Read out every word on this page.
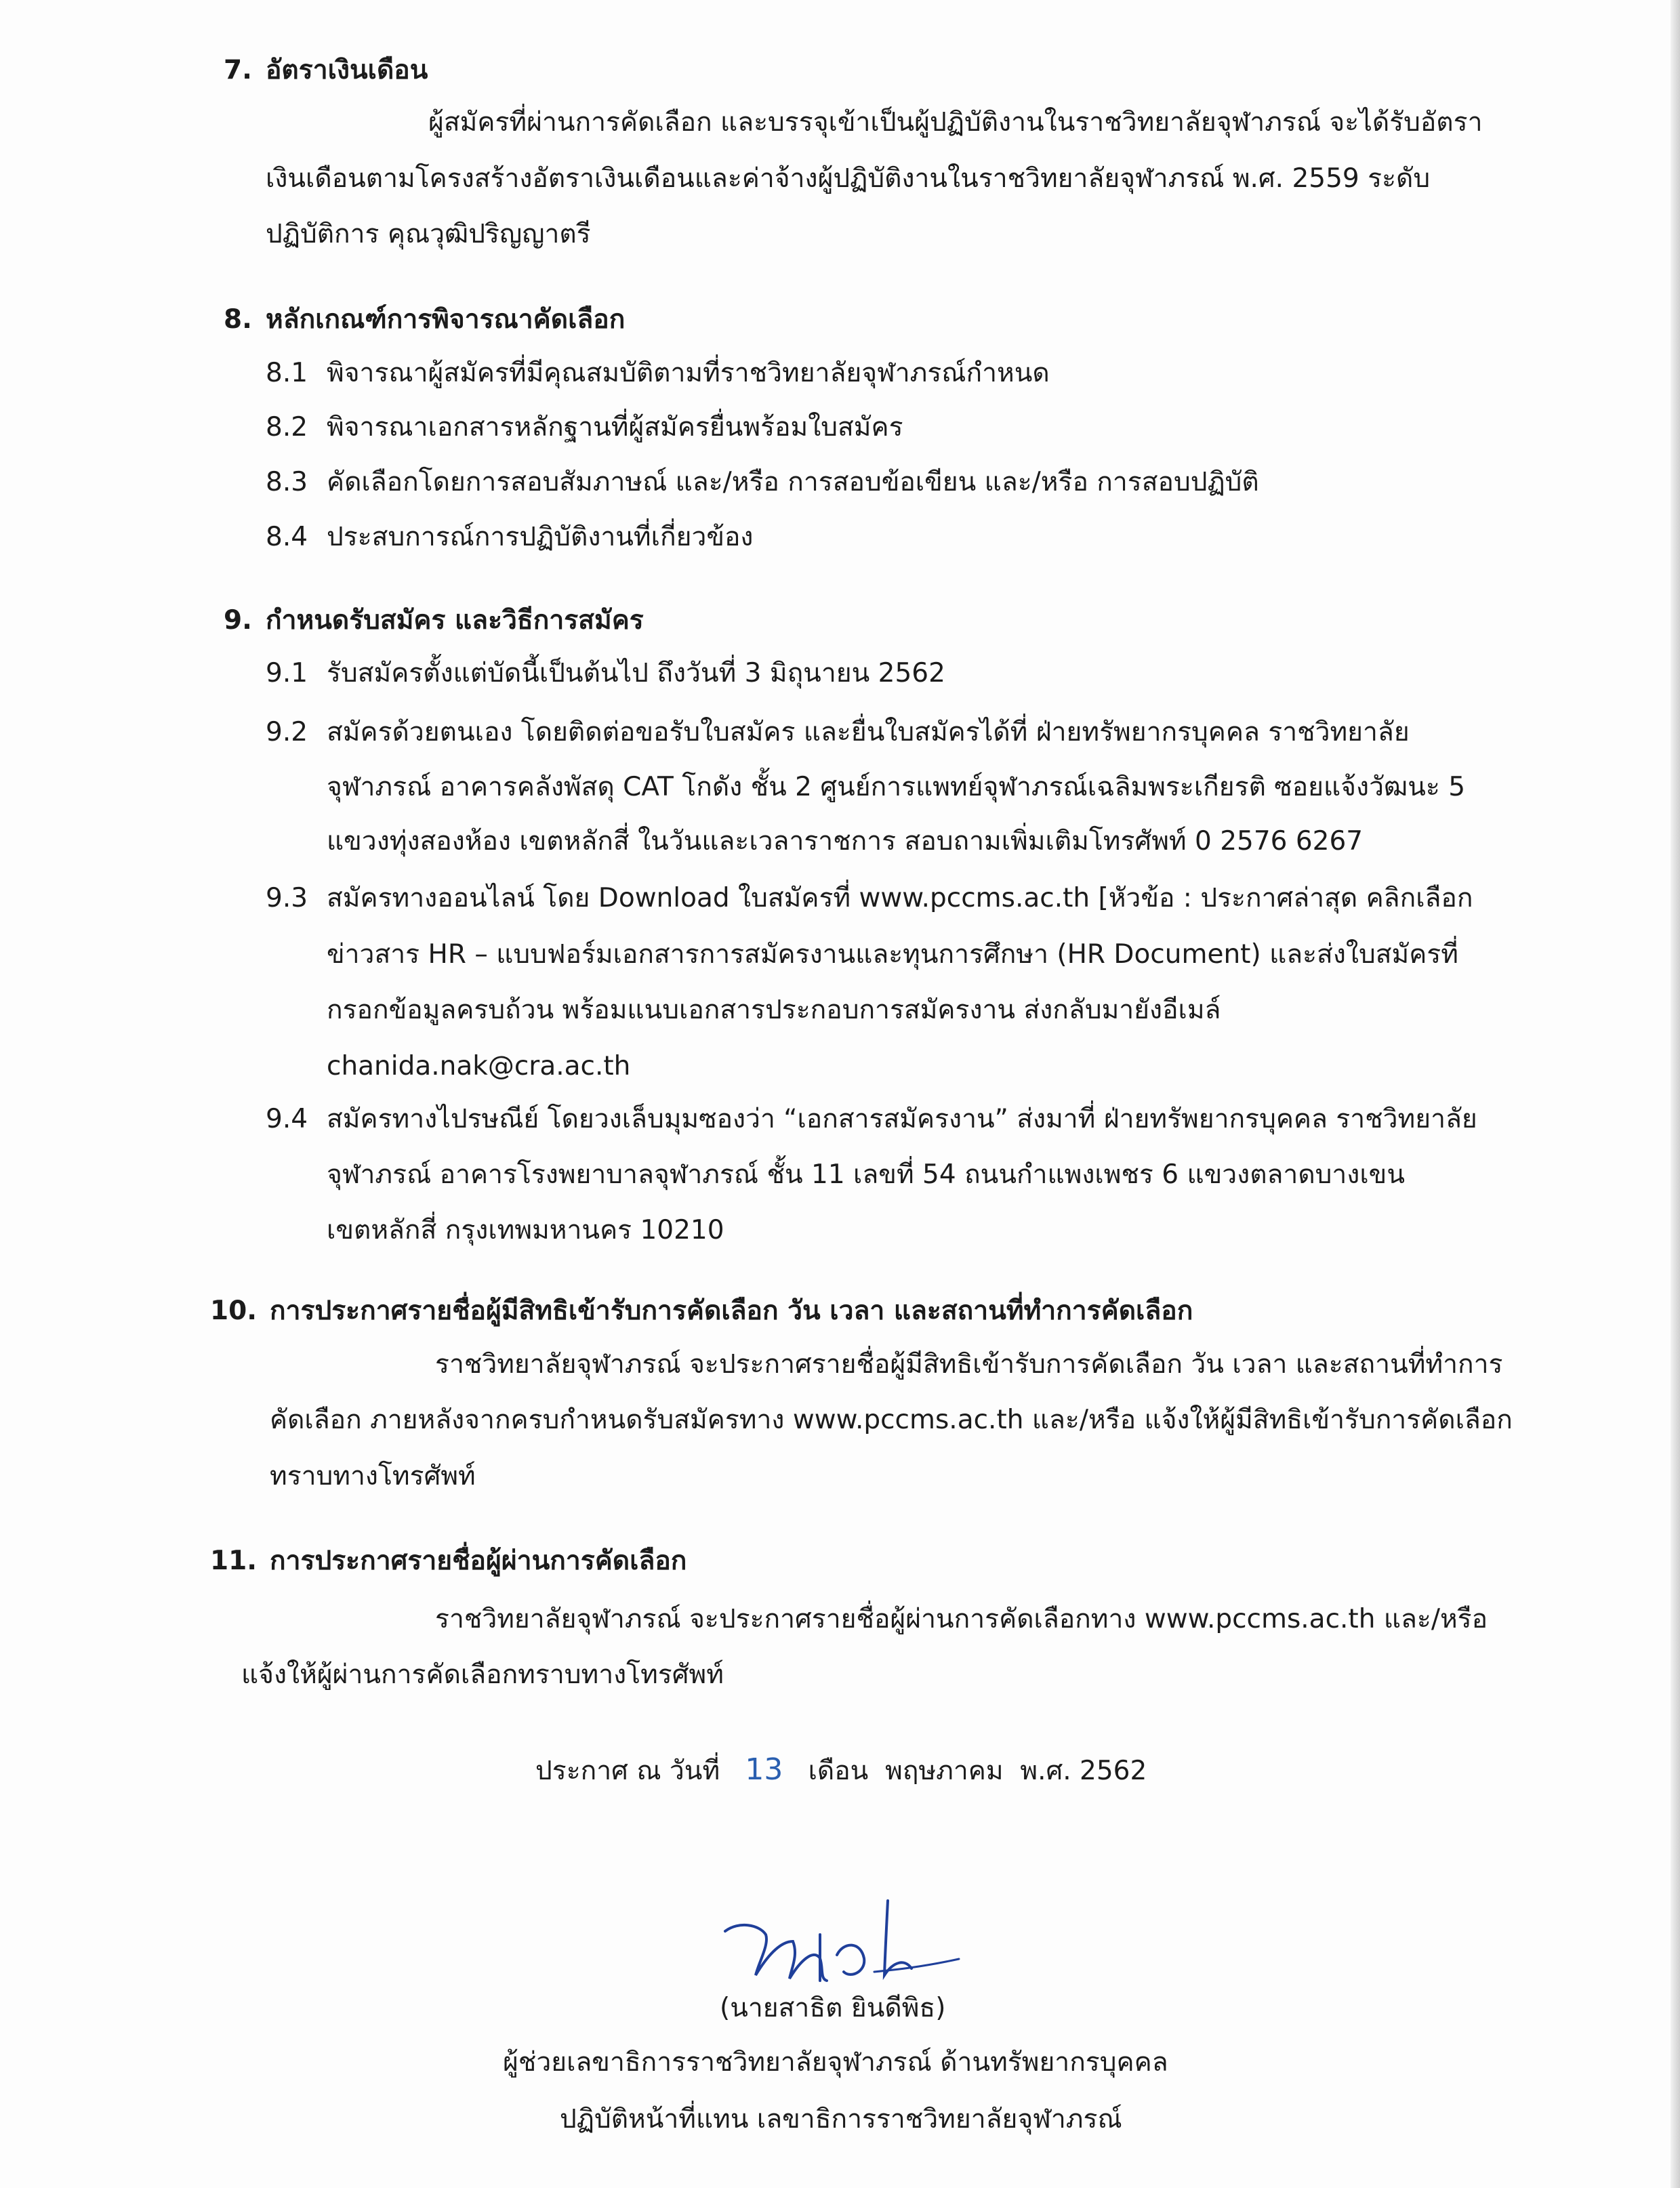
7. อัตราเงินเดือน
ผู้สมัครที่ผ่านการคัดเลือก และบรรจุเข้าเป็นผู้ปฏิบัติงานในราชวิทยาลัยจุฬาภรณ์ จะได้รับอัตรา
เงินเดือนตามโครงสร้างอัตราเงินเดือนและค่าจ้างผู้ปฏิบัติงานในราชวิทยาลัยจุฬาภรณ์ พ.ศ. 2559 ระดับ
ปฏิบัติการ คุณวุฒิปริญญาตรี
8. หลักเกณฑ์การพิจารณาคัดเลือก
8.1 พิจารณาผู้สมัครที่มีคุณสมบัติตามที่ราชวิทยาลัยจุฬาภรณ์กำหนด
8.2 พิจารณาเอกสารหลักฐานที่ผู้สมัครยื่นพร้อมใบสมัคร
8.3 คัดเลือกโดยการสอบสัมภาษณ์ และ/หรือ การสอบข้อเขียน และ/หรือ การสอบปฏิบัติ
8.4 ประสบการณ์การปฏิบัติงานที่เกี่ยวข้อง
9. กำหนดรับสมัคร และวิธีการสมัคร
9.1 รับสมัครตั้งแต่บัดนี้เป็นต้นไป ถึงวันที่ 3 มิถุนายน 2562
9.2 สมัครด้วยตนเอง โดยติดต่อขอรับใบสมัคร และยื่นใบสมัครได้ที่ ฝ่ายทรัพยากรบุคคล ราชวิทยาลัย
จุฬาภรณ์ อาคารคลังพัสดุ CAT โกดัง ชั้น 2 ศูนย์การแพทย์จุฬาภรณ์เฉลิมพระเกียรติ ซอยแจ้งวัฒนะ 5
แขวงทุ่งสองห้อง เขตหลักสี่ ในวันและเวลาราชการ สอบถามเพิ่มเติมโทรศัพท์ 0 2576 6267
9.3 สมัครทางออนไลน์ โดย Download ใบสมัครที่ www.pccms.ac.th [หัวข้อ : ประกาศล่าสุด คลิกเลือก
ข่าวสาร HR – แบบฟอร์มเอกสารการสมัครงานและทุนการศึกษา (HR Document) และส่งใบสมัครที่
กรอกข้อมูลครบถ้วน พร้อมแนบเอกสารประกอบการสมัครงาน ส่งกลับมายังอีเมล์
chanida.nak@cra.ac.th
9.4 สมัครทางไปรษณีย์ โดยวงเล็บมุมซองว่า “เอกสารสมัครงาน” ส่งมาที่ ฝ่ายทรัพยากรบุคคล ราชวิทยาลัย
จุฬาภรณ์ อาคารโรงพยาบาลจุฬาภรณ์ ชั้น 11 เลขที่ 54 ถนนกำแพงเพชร 6 แขวงตลาดบางเขน
เขตหลักสี่ กรุงเทพมหานคร 10210
10. การประกาศรายชื่อผู้มีสิทธิเข้ารับการคัดเลือก วัน เวลา และสถานที่ทำการคัดเลือก
ราชวิทยาลัยจุฬาภรณ์ จะประกาศรายชื่อผู้มีสิทธิเข้ารับการคัดเลือก วัน เวลา และสถานที่ทำการ
คัดเลือก ภายหลังจากครบกำหนดรับสมัครทาง www.pccms.ac.th และ/หรือ แจ้งให้ผู้มีสิทธิเข้ารับการคัดเลือก
ทราบทางโทรศัพท์
11. การประกาศรายชื่อผู้ผ่านการคัดเลือก
ราชวิทยาลัยจุฬาภรณ์ จะประกาศรายชื่อผู้ผ่านการคัดเลือกทาง www.pccms.ac.th และ/หรือ
แจ้งให้ผู้ผ่านการคัดเลือกทราบทางโทรศัพท์
ประกาศ ณ วันที่ 13 เดือน พฤษภาคม พ.ศ. 2562
(นายสาธิต ยินดีพิธ)
ผู้ช่วยเลขาธิการราชวิทยาลัยจุฬาภรณ์ ด้านทรัพยากรบุคคล
ปฏิบัติหน้าที่แทน เลขาธิการราชวิทยาลัยจุฬาภรณ์
